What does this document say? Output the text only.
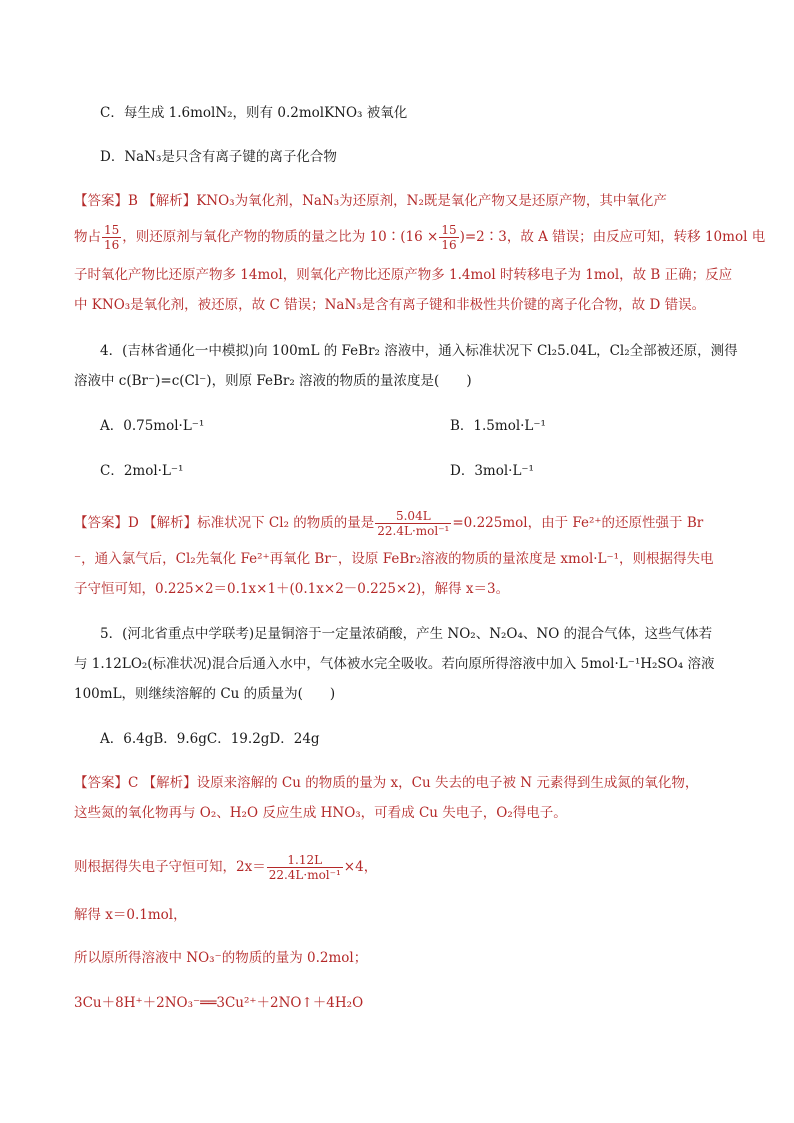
C．每生成 1.6molN₂，则有 0.2molKNO₃ 被氧化
D．NaN₃是只含有离子键的离子化合物
【答案】B 【解析】KNO₃为氧化剂，NaN₃为还原剂，N₂既是氧化产物又是还原产物，其中氧化产
物占 $\frac{15}{16}$ ，则还原剂与氧化产物的物质的量之比为 10∶(16 × $\frac{15}{16}$ )=2∶3，故 A 错误；由反应可知，转移 10mol 电
子时氧化产物比还原产物多 14mol，则氧化产物比还原产物多 1.4mol 时转移电子为 1mol，故 B 正确；反应
中 KNO₃是氧化剂，被还原，故 C 错误；NaN₃是含有离子键和非极性共价键的离子化合物，故 D 错误。
4．(吉林省通化一中模拟)向 100mL 的 FeBr₂ 溶液中，通入标准状况下 Cl₂5.04L，Cl₂全部被还原，测得
溶液中 c(Br⁻)=c(Cl⁻)，则原 FeBr₂ 溶液的物质的量浓度是(　　)
A．0.75mol·L⁻¹	B．1.5mol·L⁻¹
C．2mol·L⁻¹	D．3mol·L⁻¹
【答案】D 【解析】标准状况下 Cl₂ 的物质的量是 $\frac{5.04L}{\text{22.4L·mol⁻¹}} =0.225mol$，由于 Fe²⁺的还原性强于 Br
⁻，通入氯气后，Cl₂先氧化 Fe²⁺再氧化 Br⁻，设原 FeBr₂溶液的物质的量浓度是 xmol·L⁻¹，则根据得失电
子守恒可知，0.225×2＝0.1x×1＋(0.1x×2－0.225×2)，解得 x＝3。
5．(河北省重点中学联考)足量铜溶于一定量浓硝酸，产生 NO₂、N₂O₄、NO 的混合气体，这些气体若
与 1.12LO₂(标准状况)混合后通入水中，气体被水完全吸收。若向原所得溶液中加入 5mol·L⁻¹H₂SO₄ 溶液
100mL，则继续溶解的 Cu 的质量为(　　)
A．6.4gB．9.6gC．19.2gD．24g
【答案】C 【解析】设原来溶解的 Cu 的物质的量为 x，Cu 失去的电子被 N 元素得到生成氮的氧化物，
这些氮的氧化物再与 O₂、H₂O 反应生成 HNO₃，可看成 Cu 失电子，O₂得电子。
则根据得失电子守恒可知，$2x= \frac{1.12L}{\text{22.4L·mol⁻¹}} \times 4$，
解得 x＝0.1mol，
所以原所得溶液中 NO₃⁻的物质的量为 0.2mol；
3Cu＋8H⁺＋2NO₃⁻══3Cu²⁺＋2NO↑＋4H₂O
